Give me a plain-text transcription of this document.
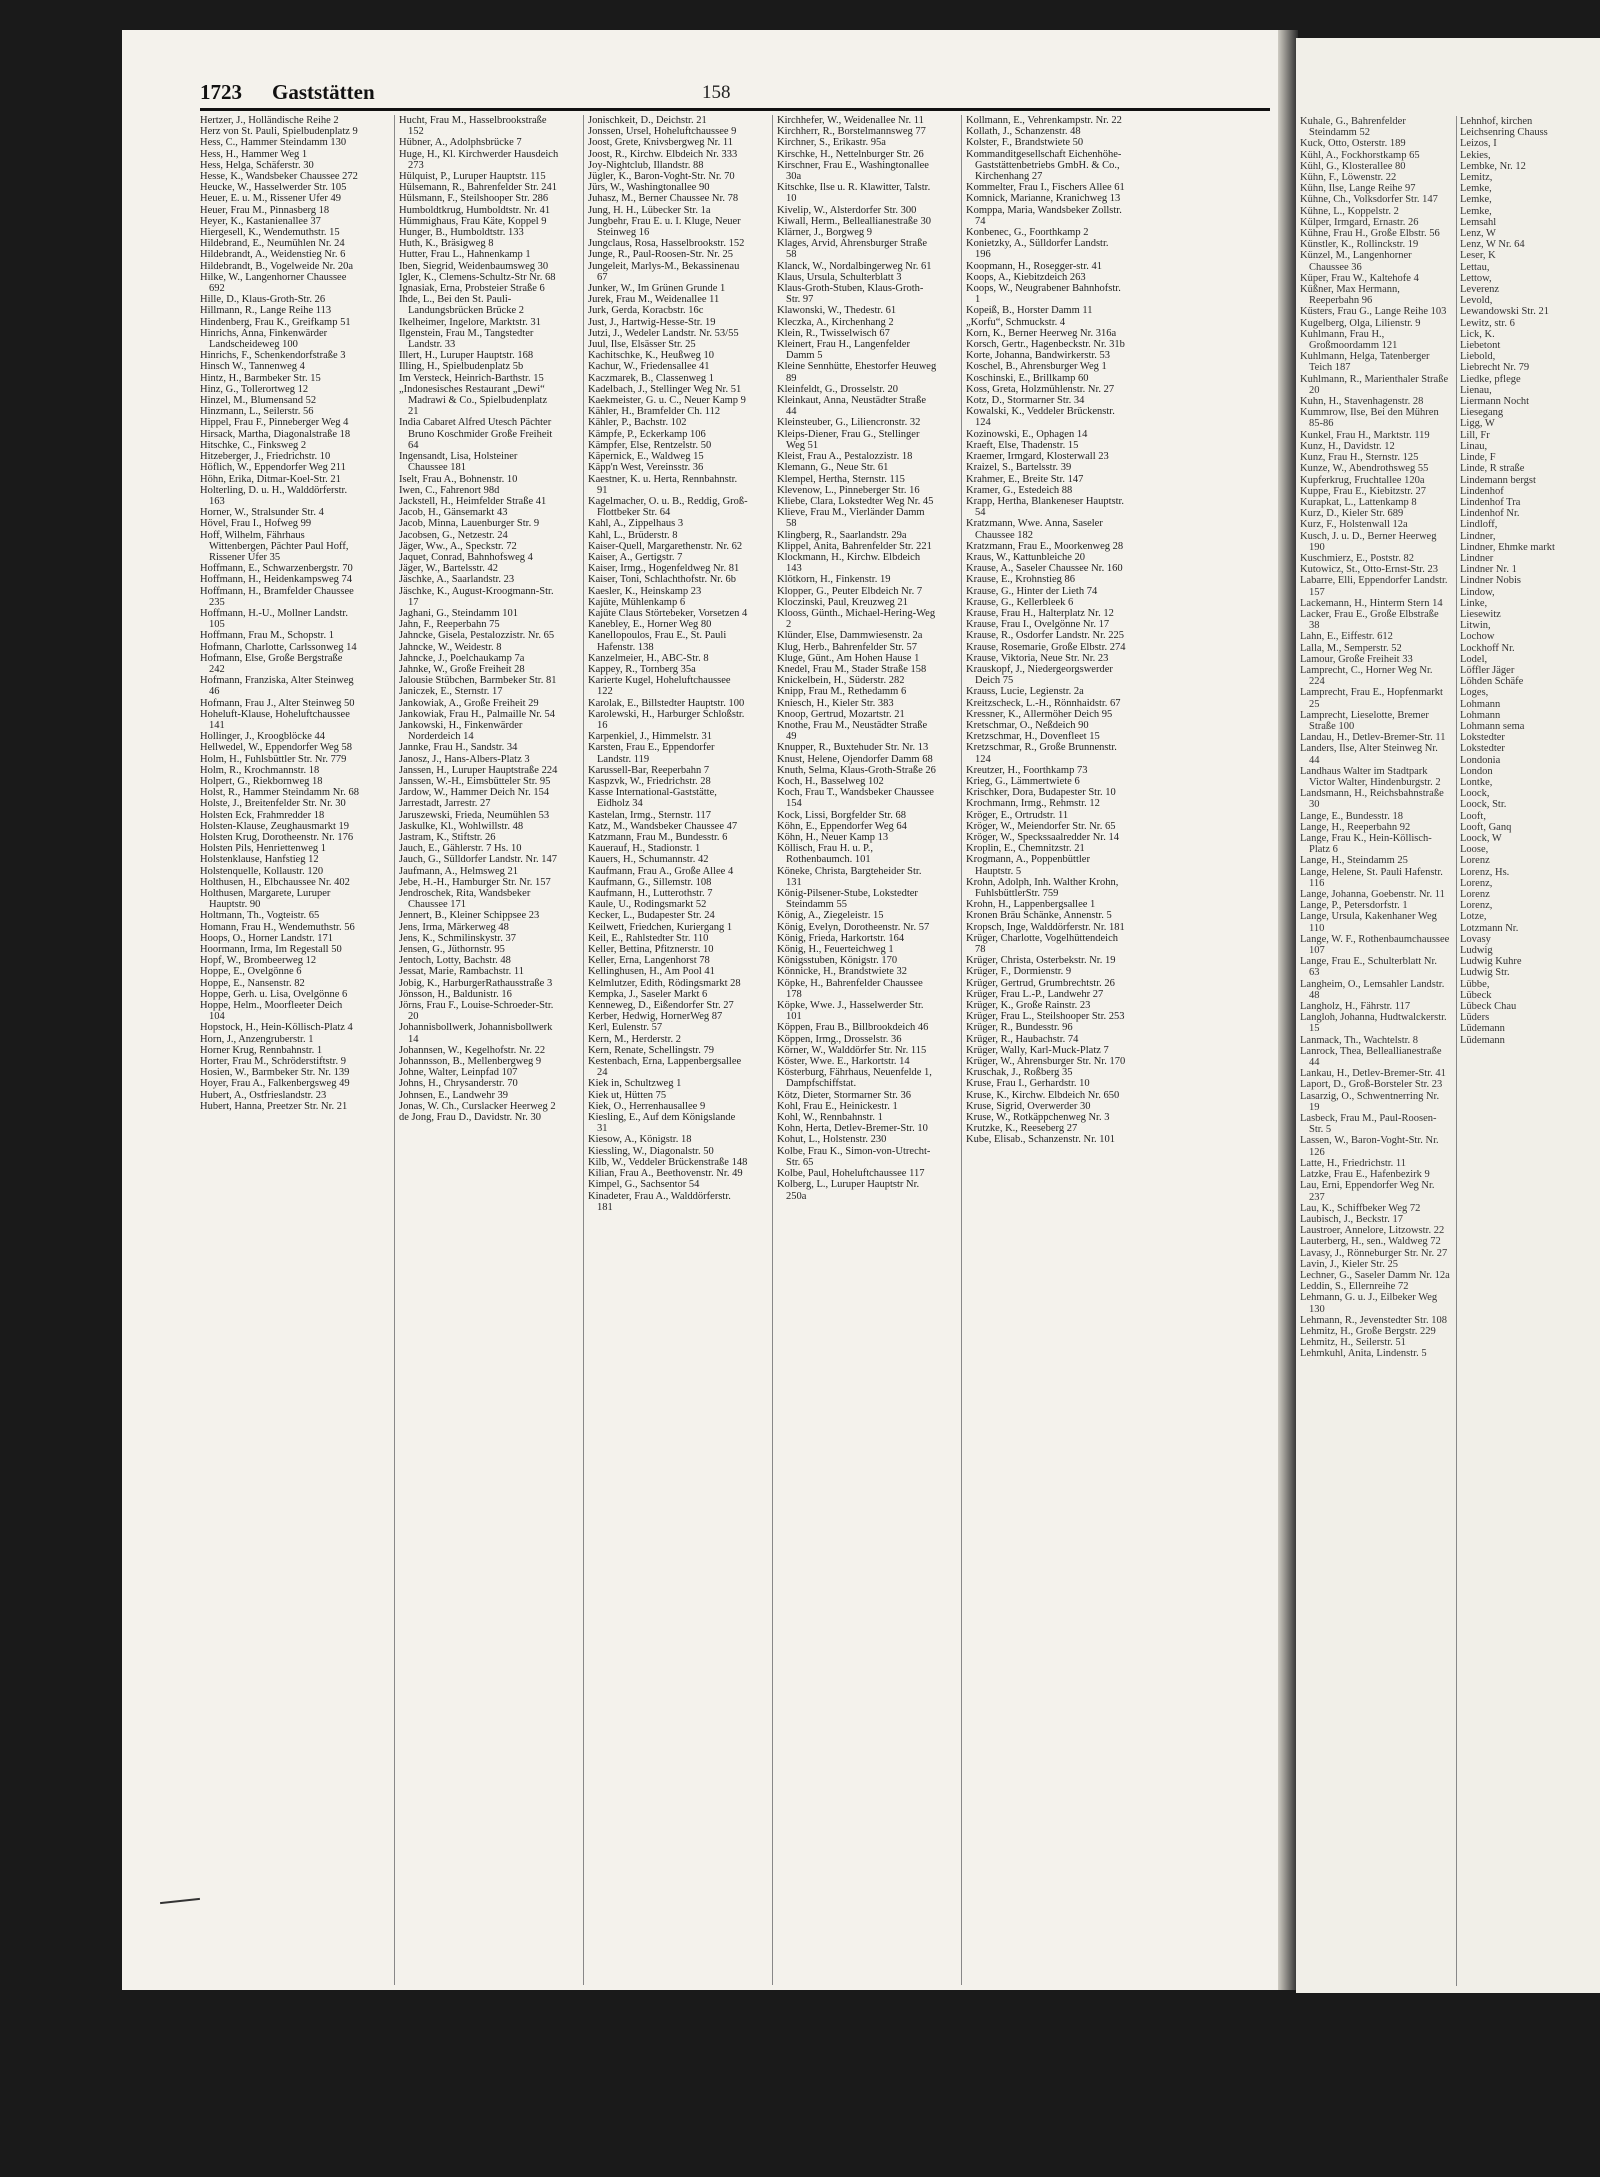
Kuhale, G., Bahrenfelder Steindamm 52

Kuck, Otto, Osterstr. 189

Kühl, A., Fockhorstkamp 65

Kühl, G., Klosterallee 80

Kühn, F., Löwenstr. 22

Kühn, Ilse, Lange Reihe 97

Kühne, Ch., Volksdorfer Str. 147

Kühne, L., Koppelstr. 2

Külper, Irmgard, Ernastr. 26

Kühne, Frau H., Große Elbstr. 56

Künstler, K., Rollinckstr. 19

Künzel, M., Langenhorner Chaussee 36

Küper, Frau W., Kaltehofe 4

Küßner, Max Hermann, Reeperbahn 96

Küsters, Frau G., Lange Reihe 103

Kugelberg, Olga, Lilienstr. 9

Kuhlmann, Frau H., Großmoordamm 121

Kuhlmann, Helga, Tatenberger Teich 187

Kuhlmann, R., Marienthaler Straße 20

Kuhn, H., Stavenhagenstr. 28

Kummrow, Ilse, Bei den Mühren 85-86

Kunkel, Frau H., Marktstr. 119

Kunz, H., Davidstr. 12

Kunz, Frau H., Sternstr. 125

Kunze, W., Abendrothsweg 55

Kupferkrug, Fruchtallee 120a

Kuppe, Frau E., Kiebitzstr. 27

Kurapkat, L., Lattenkamp 8

Kurz, D., Kieler Str. 689

Kurz, F., Holstenwall 12a

Kusch, J. u. D., Berner Heerweg 190

Kuschmierz, E., Poststr. 82

Kutowicz, St., Otto-Ernst-Str. 23

Labarre, Elli, Eppendorfer Landstr. 157

Lackemann, H., Hinterm Stern 14

Lacker, Frau E., Große Elbstraße 38

Lahn, E., Eiffestr. 612

Lalla, M., Semperstr. 52

Lamour, Große Freiheit 33

Lamprecht, C., Horner Weg Nr. 224

Lamprecht, Frau E., Hopfenmarkt 25

Lamprecht, Lieselotte, Bremer Straße 100

Landau, H., Detlev-Bremer-Str. 11

Landers, Ilse, Alter Steinweg Nr. 44

Landhaus Walter im Stadtpark Victor Walter, Hindenburgstr. 2

Landsmann, H., Reichsbahnstraße 30

Lange, E., Bundesstr. 18

Lange, H., Reeperbahn 92

Lange, Frau K., Hein-Köllisch-Platz 6

Lange, H., Steindamm 25

Lange, Helene, St. Pauli Hafenstr. 116

Lange, Johanna, Goebenstr. Nr. 11

Lange, P., Petersdorfstr. 1

Lange, Ursula, Kakenhaner Weg 110

Lange, W. F., Rothenbaumchaussee 107

Lange, Frau E., Schulterblatt Nr. 63

Langheim, O., Lemsahler Landstr. 48

Langholz, H., Fährstr. 117

Langloh, Johanna, Hudtwalckerstr. 15

Lanmack, Th., Wachtelstr. 8

Lanrock, Thea, Belleallianestraße 44

Lankau, H., Detlev-Bremer-Str. 41

Laport, D., Groß-Borsteler Str. 23

Lasarzig, O., Schwentnerring Nr. 19

Lasbeck, Frau M., Paul-Roosen-Str. 5

Lassen, W., Baron-Voght-Str. Nr. 126

Latte, H., Friedrichstr. 11

Latzke, Frau E., Hafenbezirk 9

Lau, Erni, Eppendorfer Weg Nr. 237

Lau, K., Schiffbeker Weg 72

Laubisch, J., Beckstr. 17

Laustroer, Annelore, Litzowstr. 22

Lauterberg, H., sen., Waldweg 72

Lavasy, J., Rönneburger Str. Nr. 27

Lavin, J., Kieler Str. 25

Lechner, G., Saseler Damm Nr. 12a

Leddin, S., Ellernreihe 72

Lehmann, G. u. J., Eilbeker Weg 130

Lehmann, R., Jevenstedter Str. 108

Lehmitz, H., Große Bergstr. 229

Lehmitz, H., Seilerstr. 51

Lehmkuhl, Anita, Lindenstr. 5

Lehnhof, kirchen

Leichsenring Chauss

Leizos, I

Lekies,

Lembke, Nr. 12

Lemitz,

Lemke,

Lemke,

Lemke,

Lemsahl

Lenz, W

Lenz, W Nr. 64

Leser, K

Lettau,

Lettow,

Leverenz

Levold,

Lewandowski Str. 21

Lewitz, str. 6

Lick, K.

Liebetont

Liebold,

Liebrecht Nr. 79

Liedke, pflege

Lienau,

Liermann Nocht

Liesegang

Ligg, W

Lill, Fr

Linau,

Linde, F

Linde, R straße

Lindemann bergst

Lindenhof

Lindenhof Tra

Lindenhof Nr.

Lindloff,

Lindner,

Lindner, Ehmke markt

Lindner

Lindner Nr. 1

Lindner Nobis

Lindow,

Linke,

Liesewitz

Litwin,

Lochow

Lockhoff Nr.

Lodel,

Löffler Jäger

Löhden Schäfe

Loges,

Lohmann

Lohmann

Lohmann sema

Lokstedter

Lokstedter

Londonia

London

Lontke,

Loock,

Loock, Str.

Looft,

Looft, Ganq

Loock, W

Loose,

Lorenz

Lorenz, Hs.

Lorenz,

Lorenz

Lorenz,

Lotze,

Lotzmann Nr.

Lovasy

Ludwig

Ludwig Kuhre

Ludwig Str.

Lübbe,

Lübeck

Lübeck Chau

Lüders

Lüdemann

Lüdemann

1723 Gaststätten	158

Hertzer, J., Holländische Reihe 2

Herz von St. Pauli, Spielbudenplatz 9

Hess, C., Hammer Steindamm 130

Hess, H., Hammer Weg 1

Hess, Helga, Schäferstr. 30

Hesse, K., Wandsbeker Chaussee 272

Heucke, W., Hasselwerder Str. 105

Heuer, E. u. M., Rissener Ufer 49

Heuer, Frau M., Pinnasberg 18

Heyer, K., Kastanienallee 37

Hiergesell, K., Wendemuthstr. 15

Hildebrand, E., Neumühlen Nr. 24

Hildebrandt, A., Weidenstieg Nr. 6

Hildebrandt, B., Vogelweide Nr. 20a

Hilke, W., Langenhorner Chaussee 692

Hille, D., Klaus-Groth-Str. 26

Hillmann, R., Lange Reihe 113

Hindenberg, Frau K., Greifkamp 51

Hinrichs, Anna, Finkenwärder Landscheideweg 100

Hinrichs, F., Schenkendorfstraße 3

Hinsch W., Tannenweg 4

Hintz, H., Barmbeker Str. 15

Hinz, G., Tollerortweg 12

Hinzel, M., Blumensand 52

Hinzmann, L., Seilerstr. 56

Hippel, Frau F., Pinneberger Weg 4

Hirsack, Martha, Diagonalstraße 18

Hitschke, C., Finksweg 2

Hitzeberger, J., Friedrichstr. 10

Höflich, W., Eppendorfer Weg 211

Höhn, Erika, Ditmar-Koel-Str. 21

Holterling, D. u. H., Walddörferstr. 163

Horner, W., Stralsunder Str. 4

Hövel, Frau I., Hofweg 99

Hoff, Wilhelm, Fährhaus Wittenbergen, Pächter Paul Hoff, Rissener Ufer 35

Hoffmann, E., Schwarzenbergstr. 70

Hoffmann, H., Heidenkampsweg 74

Hoffmann, H., Bramfelder Chaussee 235

Hoffmann, H.-U., Mollner Landstr. 105

Hoffmann, Frau M., Schopstr. 1

Hofmann, Charlotte, Carlssonweg 14

Hofmann, Else, Große Bergstraße 242

Hofmann, Franziska, Alter Steinweg 46

Hofmann, Frau J., Alter Steinweg 50

Hoheluft-Klause, Hoheluftchaussee 141

Hollinger, J., Kroogblöcke 44

Hellwedel, W., Eppendorfer Weg 58

Holm, H., Fuhlsbüttler Str. Nr. 779

Holm, R., Krochmannstr. 18

Holpert, G., Riekbornweg 18

Holst, R., Hammer Steindamm Nr. 68

Holste, J., Breitenfelder Str. Nr. 30

Holsten Eck, Frahmredder 18

Holsten-Klause, Zeughausmarkt 19

Holsten Krug, Dorotheenstr. Nr. 176

Holsten Pils, Henriettenweg 1

Holstenklause, Hanfstieg 12

Holstenquelle, Kollaustr. 120

Holthusen, H., Elbchaussee Nr. 402

Holthusen, Margarete, Luruper Hauptstr. 90

Holtmann, Th., Vogteistr. 65

Homann, Frau H., Wendemuthstr. 56

Hoops, O., Horner Landstr. 171

Hoormann, Irma, Im Regestall 50

Hopf, W., Brombeerweg 12

Hoppe, E., Ovelgönne 6

Hoppe, E., Nansenstr. 82

Hoppe, Gerh. u. Lisa, Ovelgönne 6

Hoppe, Helm., Moorfleeter Deich 104

Hopstock, H., Hein-Köllisch-Platz 4

Horn, J., Anzengruberstr. 1

Horner Krug, Rennbahnstr. 1

Horter, Frau M., Schröderstiftstr. 9

Hosien, W., Barmbeker Str. Nr. 139

Hoyer, Frau A., Falkenbergsweg 49

Hubert, A., Ostfrieslandstr. 23

Hubert, Hanna, Preetzer Str. Nr. 21

Hucht, Frau M., Hasselbrookstraße 152

Hübner, A., Adolphsbrücke 7

Huge, H., Kl. Kirchwerder Hausdeich 273

Hülquist, P., Luruper Hauptstr. 115

Hülsemann, R., Bahrenfelder Str. 241

Hülsmann, F., Steilshooper Str. 286

Humboldtkrug, Humboldtstr. Nr. 41

Hümmighaus, Frau Käte, Koppel 9

Hunger, B., Humboldtstr. 133

Huth, K., Bräsigweg 8

Hutter, Frau L., Hahnenkamp 1

Iben, Siegrid, Weidenbaumsweg 30

Igler, K., Clemens-Schultz-Str Nr. 68

Ignasiak, Erna, Probsteier Straße 6

Ihde, L., Bei den St. Pauli-Landungsbrücken Brücke 2

Ikelheimer, Ingelore, Marktstr. 31

Ilgenstein, Frau M., Tangstedter Landstr. 33

Illert, H., Luruper Hauptstr. 168

Illing, H., Spielbudenplatz 5b

Im Versteck, Heinrich-Barthstr. 15

„Indonesisches Restaurant „Dewi“ Madrawi & Co., Spielbudenplatz 21

India Cabaret Alfred Utesch Pächter Bruno Koschmider Große Freiheit 64

Ingensandt, Lisa, Holsteiner Chaussee 181

Iselt, Frau A., Bohnenstr. 10

Iwen, C., Fahrenort 98d

Jackstell, H., Heimfelder Straße 41

Jacob, H., Gänsemarkt 43

Jacob, Minna, Lauenburger Str. 9

Jacobsen, G., Netzestr. 24

Jäger, Ww., A., Speckstr. 72

Jaquet, Conrad, Bahnhofsweg 4

Jäger, W., Bartelsstr. 42

Jäschke, A., Saarlandstr. 23

Jäschke, K., August-Kroogmann-Str. 17

Jaghani, G., Steindamm 101

Jahn, F., Reeperbahn 75

Jahncke, Gisela, Pestalozzistr. Nr. 65

Jahncke, W., Weidestr. 8

Jahncke, J., Poelchaukamp 7a

Jahnke, W., Große Freiheit 28

Jalousie Stübchen, Barmbeker Str. 81

Janiczek, E., Sternstr. 17

Jankowiak, A., Große Freiheit 29

Jankowiak, Frau H., Palmaille Nr. 54

Jankowski, H., Finkenwärder Norderdeich 14

Jannke, Frau H., Sandstr. 34

Janosz, J., Hans-Albers-Platz 3

Janssen, H., Luruper Hauptstraße 224

Janssen, W.-H., Eimsbütteler Str. 95

Jardow, W., Hammer Deich Nr. 154

Jarrestadt, Jarrestr. 27

Jaruszewski, Frieda, Neumühlen 53

Jaskulke, Kl., Wohlwillstr. 48

Jastram, K., Stiftstr. 26

Jauch, E., Gählerstr. 7 Hs. 10

Jauch, G., Sülldorfer Landstr. Nr. 147

Jaufmann, A., Helmsweg 21

Jebe, H.-H., Hamburger Str. Nr. 157

Jendroschek, Rita, Wandsbeker Chaussee 171

Jennert, B., Kleiner Schippsee 23

Jens, Irma, Märkerweg 48

Jens, K., Schmilinskystr. 37

Jensen, G., Jüthornstr. 95

Jentoch, Lotty, Bachstr. 48

Jessat, Marie, Rambachstr. 11

Jobig, K., HarburgerRathausstraße 3

Jönsson, H., Baldunistr. 16

Jörns, Frau F., Louise-Schroeder-Str. 20

Johannisbollwerk, Johannisbollwerk 14

Johannsen, W., Kegelhofstr. Nr. 22

Johannsson, B., Mellenbergweg 9

Johne, Walter, Leinpfad 107

Johns, H., Chrysanderstr. 70

Johnsen, E., Landwehr 39

Jonas, W. Ch., Curslacker Heerweg 2

de Jong, Frau D., Davidstr. Nr. 30

Jonischkeit, D., Deichstr. 21

Jonssen, Ursel, Hoheluftchaussee 9

Joost, Grete, Knivsbergweg Nr. 11

Joost, R., Kirchw. Elbdeich Nr. 333

Joy-Nightclub, Illandstr. 88

Jügler, K., Baron-Voght-Str. Nr. 70

Jürs, W., Washingtonallee 90

Juhasz, M., Berner Chaussee Nr. 78

Jung, H. H., Lübecker Str. 1a

Jungbehr, Frau E. u. I. Kluge, Neuer Steinweg 16

Jungclaus, Rosa, Hasselbrookstr. 152

Junge, R., Paul-Roosen-Str. Nr. 25

Jungeleit, Marlys-M., Bekassinenau 67

Junker, W., Im Grünen Grunde 1

Jurek, Frau M., Weidenallee 11

Jurk, Gerda, Koracbstr. 16c

Just, J., Hartwig-Hesse-Str. 19

Jutzi, J., Wedeler Landstr. Nr. 53/55

Juul, Ilse, Elsässer Str. 25

Kachitschke, K., Heußweg 10

Kachur, W., Friedensallee 41

Kaczmarek, B., Classenweg 1

Kadelbach, J., Stellinger Weg Nr. 51

Kaekmeister, G. u. C., Neuer Kamp 9

Kähler, H., Bramfelder Ch. 112

Kähler, P., Bachstr. 102

Kämpfe, P., Eckerkamp 106

Kämpfer, Else, Rentzelstr. 50

Käpernick, E., Waldweg 15

Käpp'n West, Vereinsstr. 36

Kaestner, K. u. Herta, Rennbahnstr. 91

Kagelmacher, O. u. B., Reddig, Groß-Flottbeker Str. 64

Kahl, A., Zippelhaus 3

Kahl, L., Brüderstr. 8

Kaiser-Quell, Margarethenstr. Nr. 62

Kaiser, A., Gertigstr. 7

Kaiser, Irmg., Hogenfeldweg Nr. 81

Kaiser, Toni, Schlachthofstr. Nr. 6b

Kaesler, K., Heinskamp 23

Kajüte, Mühlenkamp 6

Kajüte Claus Störtebeker, Vorsetzen 4

Kanebley, E., Horner Weg 80

Kanellopoulos, Frau E., St. Pauli Hafenstr. 138

Kanzelmeier, H., ABC-Str. 8

Kappey, R., Tornberg 35a

Karierte Kugel, Hoheluftchaussee 122

Karolak, E., Billstedter Hauptstr. 100

Karolewski, H., Harburger Schloßstr. 16

Karpenkiel, J., Himmelstr. 31

Karsten, Frau E., Eppendorfer Landstr. 119

Karussell-Bar, Reeperbahn 7

Kaspzvk, W., Friedrichstr. 28

Kasse International-Gaststätte, Eidholz 34

Kastelan, Irmg., Sternstr. 117

Katz, M., Wandsbeker Chaussee 47

Katzmann, Frau M., Bundesstr. 6

Kauerauf, H., Stadionstr. 1

Kauers, H., Schumannstr. 42

Kaufmann, Frau A., Große Allee 4

Kaufmann, G., Sillemstr. 108

Kaufmann, H., Lutterothstr. 7

Kaule, U., Rodingsmarkt 52

Kecker, L., Budapester Str. 24

Keilwett, Friedchen, Kuriergang 1

Keil, E., Rahlstedter Str. 110

Keller, Bettina, Pfitznerstr. 10

Keller, Erna, Langenhorst 78

Kellinghusen, H., Am Pool 41

Kelmlutzer, Edith, Rödingsmarkt 28

Kempka, J., Saseler Markt 6

Kenneweg, D., Eißendorfer Str. 27

Kerber, Hedwig, HornerWeg 87

Kerl, Eulenstr. 57

Kern, M., Herderstr. 2

Kern, Renate, Schellingstr. 79

Kestenbach, Erna, Lappenbergsallee 24

Kiek in, Schultzweg 1

Kiek ut, Hütten 75

Kiek, O., Herrenhausallee 9

Kiesling, E., Auf dem Königslande 31

Kiesow, A., Königstr. 18

Kiessling, W., Diagonalstr. 50

Kilb, W., Veddeler Brückenstraße 148

Kilian, Frau A., Beethovenstr. Nr. 49

Kimpel, G., Sachsentor 54

Kinadeter, Frau A., Walddörferstr. 181

Kirchhefer, W., Weidenallee Nr. 11

Kirchherr, R., Borstelmannsweg 77

Kirchner, S., Erikastr. 95a

Kirschke, H., Nettelnburger Str. 26

Kirschner, Frau E., Washingtonallee 30a

Kitschke, Ilse u. R. Klawitter, Talstr. 10

Kivelip, W., Alsterdorfer Str. 300

Kiwall, Herm., Belleallianestraße 30

Klärner, J., Borgweg 9

Klages, Arvid, Ahrensburger Straße 58

Klanck, W., Nordalbingerweg Nr. 61

Klaus, Ursula, Schulterblatt 3

Klaus-Groth-Stuben, Klaus-Groth-Str. 97

Klawonski, W., Thedestr. 61

Kleczka, A., Kirchenhang 2

Klein, R., Twisselwisch 67

Kleinert, Frau H., Langenfelder Damm 5

Kleine Sennhütte, Ehestorfer Heuweg 89

Kleinfeldt, G., Drosselstr. 20

Kleinkaut, Anna, Neustädter Straße 44

Kleinsteuber, G., Liliencronstr. 32

Kleips-Diener, Frau G., Stellinger Weg 51

Kleist, Frau A., Pestalozzistr. 18

Klemann, G., Neue Str. 61

Klempel, Hertha, Sternstr. 115

Klevenow, L., Pinneberger Str. 16

Kliebe, Clara, Lokstedter Weg Nr. 45

Klieve, Frau M., Vierländer Damm 58

Klingberg, R., Saarlandstr. 29a

Klippel, Anita, Bahrenfelder Str. 221

Klockmann, H., Kirchw. Elbdeich 143

Klötkorn, H., Finkenstr. 19

Klopper, G., Peuter Elbdeich Nr. 7

Kloczinski, Paul, Kreuzweg 21

Klooss, Günth., Michael-Hering-Weg 2

Klünder, Else, Dammwiesenstr. 2a

Klug, Herb., Bahrenfelder Str. 57

Kluge, Günt., Am Hohen Hause 1

Knedel, Frau M., Stader Straße 158

Knickelbein, H., Süderstr. 282

Knipp, Frau M., Rethedamm 6

Kniesch, H., Kieler Str. 383

Knoop, Gertrud, Mozartstr. 21

Knothe, Frau M., Neustädter Straße 49

Knupper, R., Buxtehuder Str. Nr. 13

Knust, Helene, Ojendorfer Damm 68

Knuth, Selma, Klaus-Groth-Straße 26

Koch, H., Basselweg 102

Koch, Frau T., Wandsbeker Chaussee 154

Kock, Lissi, Borgfelder Str. 68

Köhn, E., Eppendorfer Weg 64

Köhn, H., Neuer Kamp 13

Köllisch, Frau H. u. P., Rothenbaumch. 101

Köneke, Christa, Bargteheider Str. 131

König-Pilsener-Stube, Lokstedter Steindamm 55

König, A., Ziegeleistr. 15

König, Evelyn, Dorotheenstr. Nr. 57

König, Frieda, Harkortstr. 164

König, H., Feuerteichweg 1

Königsstuben, Königstr. 170

Könnicke, H., Brandstwiete 32

Köpke, H., Bahrenfelder Chaussee 178

Köpke, Wwe. J., Hasselwerder Str. 101

Köppen, Frau B., Billbrookdeich 46

Köppen, Irmg., Drosselstr. 36

Körner, W., Walddörfer Str. Nr. 115

Köster, Wwe. E., Harkortstr. 14

Kösterburg, Fährhaus, Neuenfelde 1, Dampfschiffstat.

Kötz, Dieter, Stormarner Str. 36

Kohl, Frau E., Heinickestr. 1

Kohl, W., Rennbahnstr. 1

Kohn, Herta, Detlev-Bremer-Str. 10

Kohut, L., Holstenstr. 230

Kolbe, Frau K., Simon-von-Utrecht-Str. 65

Kolbe, Paul, Hoheluftchaussee 117

Kolberg, L., Luruper Hauptstr Nr. 250a

Kollmann, E., Vehrenkampstr. Nr. 22

Kollath, J., Schanzenstr. 48

Kolster, F., Brandstwiete 50

Kommanditgesellschaft Eichenhöhe-Gaststättenbetriebs GmbH. & Co., Kirchenhang 27

Kommelter, Frau I., Fischers Allee 61

Komnick, Marianne, Kranichweg 13

Komppa, Maria, Wandsbeker Zollstr. 74

Konbenec, G., Foorthkamp 2

Konietzky, A., Sülldorfer Landstr. 196

Koopmann, H., Rosegger-str. 41

Koops, A., Kiebitzdeich 263

Koops, W., Neugrabener Bahnhofstr. 1

Kopeiß, B., Horster Damm 11

„Korfu“, Schmuckstr. 4

Korn, K., Berner Heerweg Nr. 316a

Korsch, Gertr., Hagenbeckstr. Nr. 31b

Korte, Johanna, Bandwirkerstr. 53

Koschel, B., Ahrensburger Weg 1

Koschinski, E., Brillkamp 60

Koss, Greta, Holzmühlenstr. Nr. 27

Kotz, D., Stormarner Str. 34

Kowalski, K., Veddeler Brückenstr. 124

Kozinowski, E., Ophagen 14

Kraeft, Else, Thadenstr. 15

Kraemer, Irmgard, Klosterwall 23

Kraizel, S., Bartelsstr. 39

Krahmer, E., Breite Str. 147

Kramer, G., Estedeich 88

Krapp, Hertha, Blankeneser Hauptstr. 54

Kratzmann, Wwe. Anna, Saseler Chaussee 182

Kratzmann, Frau E., Moorkenweg 28

Kraus, W., Kattunbleiche 20

Krause, A., Saseler Chaussee Nr. 160

Krause, E., Krohnstieg 86

Krause, G., Hinter der Lieth 74

Krause, G., Kellerbleek 6

Krause, Frau H., Halterplatz Nr. 12

Krause, Frau I., Ovelgönne Nr. 17

Krause, R., Osdorfer Landstr. Nr. 225

Krause, Rosemarie, Große Elbstr. 274

Krause, Viktoria, Neue Str. Nr. 23

Krauskopf, J., Niedergeorgswerder Deich 75

Krauss, Lucie, Legienstr. 2a

Kreitzscheck, L.-H., Rönnhaidstr. 67

Kressner, K., Allermöher Deich 95

Kretschmar, O., Neßdeich 90

Kretzschmar, H., Dovenfleet 15

Kretzschmar, R., Große Brunnenstr. 124

Kreutzer, H., Foorthkamp 73

Krieg, G., Lämmertwiete 6

Krischker, Dora, Budapester Str. 10

Krochmann, Irmg., Rehmstr. 12

Kröger, E., Ortrudstr. 11

Kröger, W., Meiendorfer Str. Nr. 65

Kröger, W., Speckssaalredder Nr. 14

Kroplin, E., Chemnitzstr. 21

Krogmann, A., Poppenbüttler Hauptstr. 5

Krohn, Adolph, Inh. Walther Krohn, FuhlsbüttlerStr. 759

Krohn, H., Lappenbergsallee 1

Kronen Bräu Schänke, Annenstr. 5

Kropsch, Inge, Walddörferstr. Nr. 181

Krüger, Charlotte, Vogelhüttendeich 78

Krüger, Christa, Osterbekstr. Nr. 19

Krüger, F., Dormienstr. 9

Krüger, Gertrud, Grumbrechtstr. 26

Krüger, Frau L.-P., Landwehr 27

Krüger, K., Große Rainstr. 23

Krüger, Frau L., Steilshooper Str. 253

Krüger, R., Bundesstr. 96

Krüger, R., Haubachstr. 74

Krüger, Wally, Karl-Muck-Platz 7

Krüger, W., Ahrensburger Str. Nr. 170

Kruschak, J., Roßberg 35

Kruse, Frau I., Gerhardstr. 10

Kruse, K., Kirchw. Elbdeich Nr. 650

Kruse, Sigrid, Overwerder 30

Kruse, W., Rotkäppchenweg Nr. 3

Krutzke, K., Reeseberg 27

Kube, Elisab., Schanzenstr. Nr. 101
